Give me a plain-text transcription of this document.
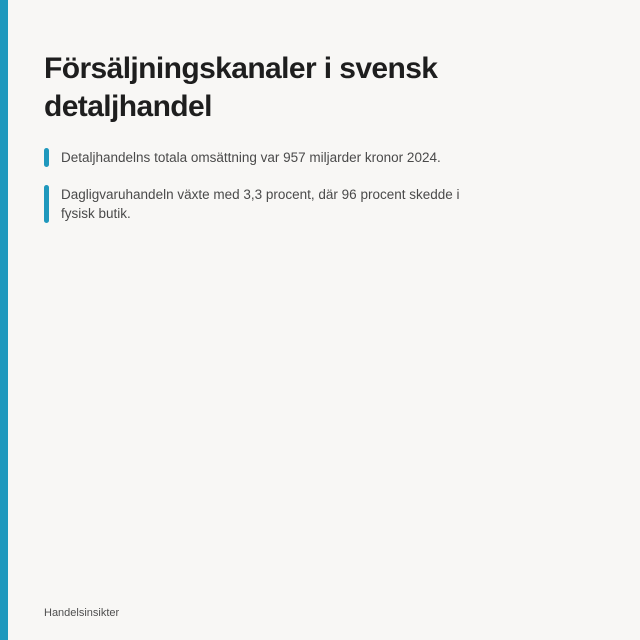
Försäljningskanaler i svensk detaljhandel
Detaljhandelns totala omsättning var 957 miljarder kronor 2024.
Dagligvaruhandeln växte med 3,3 procent, där 96 procent skedde i fysisk butik.
Handelsinsikter
